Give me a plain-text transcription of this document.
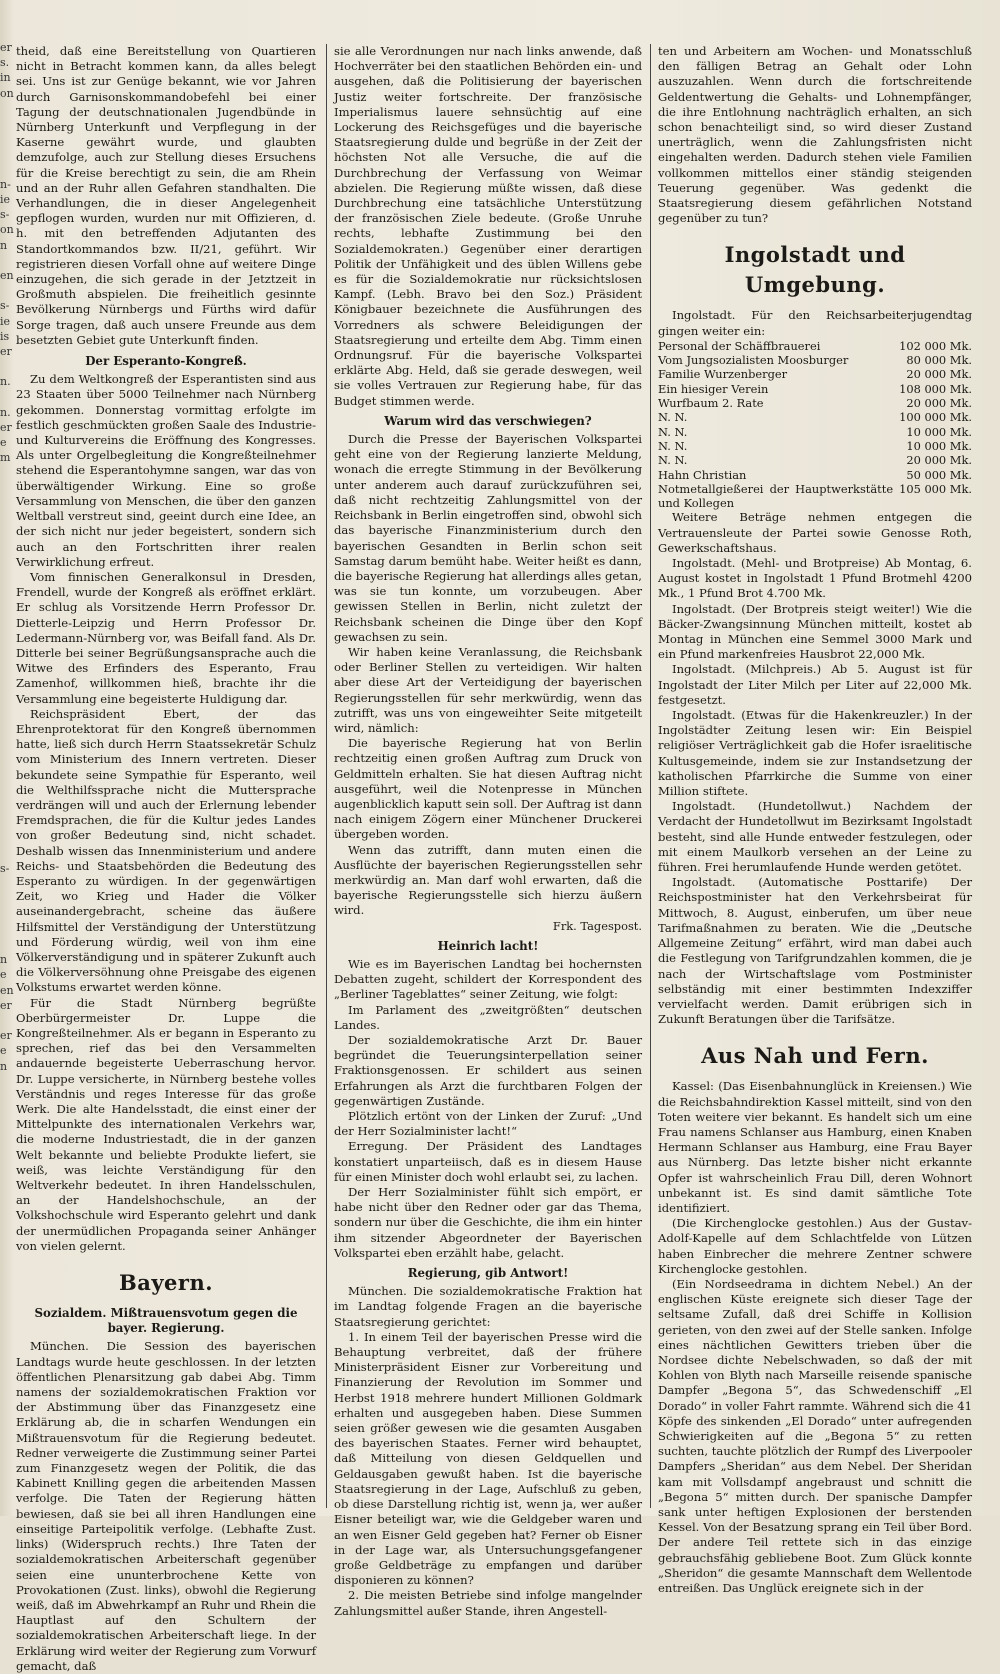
er
s.
in
on

n-
ie
s-
on
n

en

s-
ie
is
er

n.

n.
er
e
m

s-

n
e
en
er

er
e
n

theid, daß eine Bereitstellung von Quartieren nicht in Betracht kommen kann, da alles belegt sei. Uns ist zur Genüge bekannt, wie vor Jahren durch Garnisonskommandobefehl bei einer Tagung der deutschnationalen Jugendbünde in Nürnberg Unterkunft und Verpflegung in der Kaserne gewährt wurde, und glaubten demzufolge, auch zur Stellung dieses Ersuchens für die Kreise berechtigt zu sein, die am Rhein und an der Ruhr allen Gefahren standhalten. Die Verhandlungen, die in dieser Angelegenheit gepflogen wurden, wurden nur mit Offizieren, d. h. mit den betreffenden Adjutanten des Standortkommandos bzw. II/21, geführt. Wir registrieren diesen Vorfall ohne auf weitere Dinge einzugehen, die sich gerade in der Jetztzeit in Großmuth abspielen. Die freiheitlich gesinnte Bevölkerung Nürnbergs und Fürths wird dafür Sorge tragen, daß auch unsere Freunde aus dem besetzten Gebiet gute Unterkunft finden.

Der Esperanto-Kongreß.

Zu dem Weltkongreß der Esperantisten sind aus 23 Staaten über 5000 Teilnehmer nach Nürnberg gekommen. Donnerstag vormittag erfolgte im festlich geschmückten großen Saale des Industrie- und Kulturvereins die Eröffnung des Kongresses. Als unter Orgelbegleitung die Kongreßteilnehmer stehend die Esperantohymne sangen, war das von überwältigender Wirkung. Eine so große Versammlung von Menschen, die über den ganzen Weltball verstreut sind, geeint durch eine Idee, an der sich nicht nur jeder begeistert, sondern sich auch an den Fortschritten ihrer realen Verwirklichung erfreut.

Vom finnischen Generalkonsul in Dresden, Frendell, wurde der Kongreß als eröffnet erklärt. Er schlug als Vorsitzende Herrn Professor Dr. Dietterle-Leipzig und Herrn Professor Dr. Ledermann-Nürnberg vor, was Beifall fand. Als Dr. Ditterle bei seiner Begrüßungsansprache auch die Witwe des Erfinders des Esperanto, Frau Zamenhof, willkommen hieß, brachte ihr die Versammlung eine begeisterte Huldigung dar.

Reichspräsident Ebert, der das Ehrenprotektorat für den Kongreß übernommen hatte, ließ sich durch Herrn Staatssekretär Schulz vom Ministerium des Innern vertreten. Dieser bekundete seine Sympathie für Esperanto, weil die Welthilfssprache nicht die Muttersprache verdrängen will und auch der Erlernung lebender Fremdsprachen, die für die Kultur jedes Landes von großer Bedeutung sind, nicht schadet. Deshalb wissen das Innenministerium und andere Reichs- und Staatsbehörden die Bedeutung des Esperanto zu würdigen. In der gegenwärtigen Zeit, wo Krieg und Hader die Völker auseinandergebracht, scheine das äußere Hilfsmittel der Verständigung der Unterstützung und Förderung würdig, weil von ihm eine Völkerverständigung und in späterer Zukunft auch die Völkerversöhnung ohne Preisgabe des eigenen Volkstums erwartet werden könne.

Für die Stadt Nürnberg begrüßte Oberbürgermeister Dr. Luppe die Kongreßteilnehmer. Als er begann in Esperanto zu sprechen, rief das bei den Versammelten andauernde begeisterte Ueberraschung hervor. Dr. Luppe versicherte, in Nürnberg bestehe volles Verständnis und reges Interesse für das große Werk. Die alte Handelsstadt, die einst einer der Mittelpunkte des internationalen Verkehrs war, die moderne Industriestadt, die in der ganzen Welt bekannte und beliebte Produkte liefert, sie weiß, was leichte Verständigung für den Weltverkehr bedeutet. In ihren Handelsschulen, an der Handelshochschule, an der Volkshochschule wird Esperanto gelehrt und dank der unermüdlichen Propaganda seiner Anhänger von vielen gelernt.

Bayern.
Sozialdem. Mißtrauensvotum gegen die bayer. Regierung.

München. Die Session des bayerischen Landtags wurde heute geschlossen. In der letzten öffentlichen Plenarsitzung gab dabei Abg. Timm namens der sozialdemokratischen Fraktion vor der Abstimmung über das Finanzgesetz eine Erklärung ab, die in scharfen Wendungen ein Mißtrauensvotum für die Regierung bedeutet. Redner verweigerte die Zustimmung seiner Partei zum Finanzgesetz wegen der Politik, die das Kabinett Knilling gegen die arbeitenden Massen verfolge. Die Taten der Regierung hätten bewiesen, daß sie bei all ihren Handlungen eine einseitige Parteipolitik verfolge. (Lebhafte Zust. links) (Widerspruch rechts.) Ihre Taten der sozialdemokratischen Arbeiterschaft gegenüber seien eine ununterbrochene Kette von Provokationen (Zust. links), obwohl die Regierung weiß, daß im Abwehrkampf an Ruhr und Rhein die Hauptlast auf den Schultern der sozialdemokratischen Arbeiterschaft liege. In der Erklärung wird weiter der Regierung zum Vorwurf gemacht, daß

sie alle Verordnungen nur nach links anwende, daß Hochverräter bei den staatlichen Behörden ein- und ausgehen, daß die Politisierung der bayerischen Justiz weiter fortschreite. Der französische Imperialismus lauere sehnsüchtig auf eine Lockerung des Reichsgefüges und die bayerische Staatsregierung dulde und begrüße in der Zeit der höchsten Not alle Versuche, die auf die Durchbrechung der Verfassung von Weimar abzielen. Die Regierung müßte wissen, daß diese Durchbrechung eine tatsächliche Unterstützung der französischen Ziele bedeute. (Große Unruhe rechts, lebhafte Zustimmung bei den Sozialdemokraten.) Gegenüber einer derartigen Politik der Unfähigkeit und des üblen Willens gebe es für die Sozialdemokratie nur rücksichtslosen Kampf. (Lebh. Bravo bei den Soz.) Präsident Königbauer bezeichnete die Ausführungen des Vorredners als schwere Beleidigungen der Staatsregierung und erteilte dem Abg. Timm einen Ordnungsruf. Für die bayerische Volkspartei erklärte Abg. Held, daß sie gerade deswegen, weil sie volles Vertrauen zur Regierung habe, für das Budget stimmen werde.

Warum wird das verschwiegen?

Durch die Presse der Bayerischen Volkspartei geht eine von der Regierung lanzierte Meldung, wonach die erregte Stimmung in der Bevölkerung unter anderem auch darauf zurückzuführen sei, daß nicht rechtzeitig Zahlungsmittel von der Reichsbank in Berlin eingetroffen sind, obwohl sich das bayerische Finanzministerium durch den bayerischen Gesandten in Berlin schon seit Samstag darum bemüht habe. Weiter heißt es dann, die bayerische Regierung hat allerdings alles getan, was sie tun konnte, um vorzubeugen. Aber gewissen Stellen in Berlin, nicht zuletzt der Reichsbank scheinen die Dinge über den Kopf gewachsen zu sein.

Wir haben keine Veranlassung, die Reichsbank oder Berliner Stellen zu verteidigen. Wir halten aber diese Art der Verteidigung der bayerischen Regierungsstellen für sehr merkwürdig, wenn das zutrifft, was uns von eingeweihter Seite mitgeteilt wird, nämlich:

Die bayerische Regierung hat von Berlin rechtzeitig einen großen Auftrag zum Druck von Geldmitteln erhalten. Sie hat diesen Auftrag nicht ausgeführt, weil die Notenpresse in München augenblicklich kaputt sein soll. Der Auftrag ist dann nach einigem Zögern einer Münchener Druckerei übergeben worden.

Wenn das zutrifft, dann muten einen die Ausflüchte der bayerischen Regierungsstellen sehr merkwürdig an. Man darf wohl erwarten, daß die bayerische Regierungsstelle sich hierzu äußern wird.

Frk. Tagespost.
Heinrich lacht!

Wie es im Bayerischen Landtag bei hochernsten Debatten zugeht, schildert der Korrespondent des „Berliner Tageblattes“ seiner Zeitung, wie folgt:

Im Parlament des „zweitgrößten“ deutschen Landes.

Der sozialdemokratische Arzt Dr. Bauer begründet die Teuerungsinterpellation seiner Fraktionsgenossen. Er schildert aus seinen Erfahrungen als Arzt die furchtbaren Folgen der gegenwärtigen Zustände.

Plötzlich ertönt von der Linken der Zuruf: „Und der Herr Sozialminister lacht!“

Erregung. Der Präsident des Landtages konstatiert unparteiisch, daß es in diesem Hause für einen Minister doch wohl erlaubt sei, zu lachen.

Der Herr Sozialminister fühlt sich empört, er habe nicht über den Redner oder gar das Thema, sondern nur über die Geschichte, die ihm ein hinter ihm sitzender Abgeordneter der Bayerischen Volkspartei eben erzählt habe, gelacht.

Regierung, gib Antwort!

München. Die sozialdemokratische Fraktion hat im Landtag folgende Fragen an die bayerische Staatsregierung gerichtet:

1. In einem Teil der bayerischen Presse wird die Behauptung verbreitet, daß der frühere Ministerpräsident Eisner zur Vorbereitung und Finanzierung der Revolution im Sommer und Herbst 1918 mehrere hundert Millionen Goldmark erhalten und ausgegeben haben. Diese Summen seien größer gewesen wie die gesamten Ausgaben des bayerischen Staates. Ferner wird behauptet, daß Mitteilung von diesen Geldquellen und Geldausgaben gewußt haben. Ist die bayerische Staatsregierung in der Lage, Aufschluß zu geben, ob diese Darstellung richtig ist, wenn ja, wer außer Eisner beteiligt war, wie die Geldgeber waren und an wen Eisner Geld gegeben hat? Ferner ob Eisner in der Lage war, als Untersuchungsgefangener große Geldbeträge zu empfangen und darüber disponieren zu können?

2. Die meisten Betriebe sind infolge mangelnder Zahlungsmittel außer Stande, ihren Angestell-

ten und Arbeitern am Wochen- und Monatsschluß den fälligen Betrag an Gehalt oder Lohn auszuzahlen. Wenn durch die fortschreitende Geldentwertung die Gehalts- und Lohnempfänger, die ihre Entlohnung nachträglich erhalten, an sich schon benachteiligt sind, so wird dieser Zustand unerträglich, wenn die Zahlungsfristen nicht eingehalten werden. Dadurch stehen viele Familien vollkommen mittellos einer ständig steigenden Teuerung gegenüber. Was gedenkt die Staatsregierung diesem gefährlichen Notstand gegenüber zu tun?

Ingolstadt und Umgebung.

Ingolstadt. Für den Reichsarbeiterjugendtag gingen weiter ein:

Personal der Schäffbrauerei	102 000 Mk.
Vom Jungsozialisten Moosburger	80 000 Mk.
Familie Wurzenberger	20 000 Mk.
Ein hiesiger Verein	108 000 Mk.
Wurfbaum 2. Rate	20 000 Mk.
N. N.	100 000 Mk.
N. N.	10 000 Mk.
N. N.	10 000 Mk.
N. N.	20 000 Mk.
Hahn Christian	50 000 Mk.
Notmetallgießerei der Hauptwerkstätte und Kollegen	105 000 Mk.

Weitere Beträge nehmen entgegen die Vertrauensleute der Partei sowie Genosse Roth, Gewerkschaftshaus.

Ingolstadt. (Mehl- und Brotpreise) Ab Montag, 6. August kostet in Ingolstadt 1 Pfund Brotmehl 4200 Mk., 1 Pfund Brot 4.700 Mk.

Ingolstadt. (Der Brotpreis steigt weiter!) Wie die Bäcker-Zwangsinnung München mitteilt, kostet ab Montag in München eine Semmel 3000 Mark und ein Pfund markenfreies Hausbrot 22,000 Mk.

Ingolstadt. (Milchpreis.) Ab 5. August ist für Ingolstadt der Liter Milch per Liter auf 22,000 Mk. festgesetzt.

Ingolstadt. (Etwas für die Hakenkreuzler.) In der Ingolstädter Zeitung lesen wir: Ein Beispiel religiöser Verträglichkeit gab die Hofer israelitische Kultusgemeinde, indem sie zur Instandsetzung der katholischen Pfarrkirche die Summe von einer Million stiftete.

Ingolstadt. (Hundetollwut.) Nachdem der Verdacht der Hundetollwut im Bezirksamt Ingolstadt besteht, sind alle Hunde entweder festzulegen, oder mit einem Maulkorb versehen an der Leine zu führen. Frei herumlaufende Hunde werden getötet.

Ingolstadt. (Automatische Posttarife) Der Reichspostminister hat den Verkehrsbeirat für Mittwoch, 8. August, einberufen, um über neue Tarifmaßnahmen zu beraten. Wie die „Deutsche Allgemeine Zeitung“ erfährt, wird man dabei auch die Festlegung von Tarifgrundzahlen kommen, die je nach der Wirtschaftslage vom Postminister selbständig mit einer bestimmten Indexziffer vervielfacht werden. Damit erübrigen sich in Zukunft Beratungen über die Tarifsätze.

Aus Nah und Fern.

Kassel: (Das Eisenbahnunglück in Kreiensen.) Wie die Reichsbahndirektion Kassel mitteilt, sind von den Toten weitere vier bekannt. Es handelt sich um eine Frau namens Schlanser aus Hamburg, einen Knaben Hermann Schlanser aus Hamburg, eine Frau Bayer aus Nürnberg. Das letzte bisher nicht erkannte Opfer ist wahrscheinlich Frau Dill, deren Wohnort unbekannt ist. Es sind damit sämtliche Tote identifiziert.

(Die Kirchenglocke gestohlen.) Aus der Gustav-Adolf-Kapelle auf dem Schlachtfelde von Lützen haben Einbrecher die mehrere Zentner schwere Kirchenglocke gestohlen.

(Ein Nordseedrama in dichtem Nebel.) An der englischen Küste ereignete sich dieser Tage der seltsame Zufall, daß drei Schiffe in Kollision gerieten, von den zwei auf der Stelle sanken. Infolge eines nächtlichen Gewitters trieben über die Nordsee dichte Nebelschwaden, so daß der mit Kohlen von Blyth nach Marseille reisende spanische Dampfer „Begona 5“, das Schwedenschiff „El Dorado“ in voller Fahrt rammte. Während sich die 41 Köpfe des sinkenden „El Dorado“ unter aufregenden Schwierigkeiten auf die „Begona 5“ zu retten suchten, tauchte plötzlich der Rumpf des Liverpooler Dampfers „Sheridan“ aus dem Nebel. Der Sheridan kam mit Vollsdampf angebraust und schnitt die „Begona 5“ mitten durch. Der spanische Dampfer sank unter heftigen Explosionen der berstenden Kessel. Von der Besatzung sprang ein Teil über Bord. Der andere Teil rettete sich in das einzige gebrauchsfähig gebliebene Boot. Zum Glück konnte „Sheridon“ die gesamte Mannschaft dem Wellentode entreißen. Das Unglück ereignete sich in der
